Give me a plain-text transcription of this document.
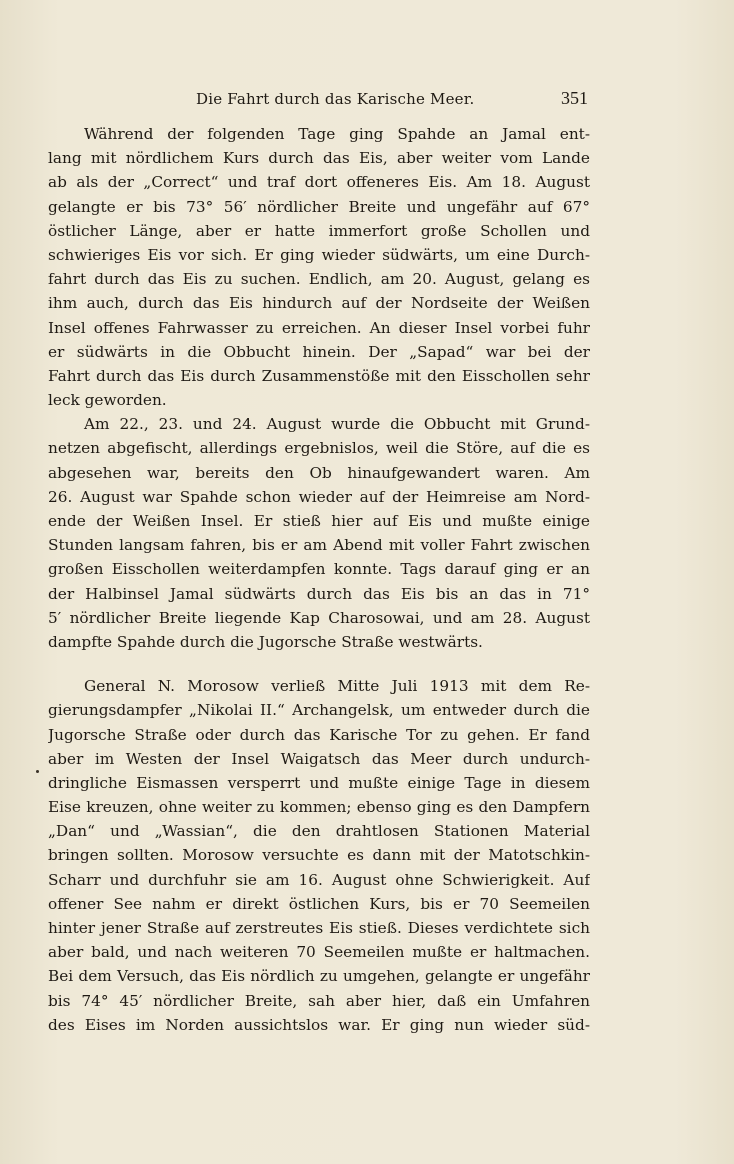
Die Fahrt durch das Karische Meer.	351

Während der folgenden Tage ging Spahde an Jamal ent-
lang mit nördlichem Kurs durch das Eis, aber weiter vom Lande
ab als der „Correct“ und traf dort offeneres Eis. Am 18. August
gelangte er bis 73° 56′ nördlicher Breite und ungefähr auf 67°
östlicher Länge, aber er hatte immerfort große Schollen und
schwieriges Eis vor sich. Er ging wieder südwärts, um eine Durch-
fahrt durch das Eis zu suchen. Endlich, am 20. August, gelang es
ihm auch, durch das Eis hindurch auf der Nordseite der Weißen
Insel offenes Fahrwasser zu erreichen. An dieser Insel vorbei fuhr
er südwärts in die Obbucht hinein. Der „Sapad“ war bei der
Fahrt durch das Eis durch Zusammenstöße mit den Eisschollen sehr
leck geworden.

Am 22., 23. und 24. August wurde die Obbucht mit Grund-
netzen abgefischt, allerdings ergebnislos, weil die Störe, auf die es
abgesehen war, bereits den Ob hinaufgewandert waren. Am
26. August war Spahde schon wieder auf der Heimreise am Nord-
ende der Weißen Insel. Er stieß hier auf Eis und mußte einige
Stunden langsam fahren, bis er am Abend mit voller Fahrt zwischen
großen Eisschollen weiterdampfen konnte. Tags darauf ging er an
der Halbinsel Jamal südwärts durch das Eis bis an das in 71°
5′ nördlicher Breite liegende Kap Charosowai, und am 28. August
dampfte Spahde durch die Jugorsche Straße westwärts.

General N. Morosow verließ Mitte Juli 1913 mit dem Re-
gierungsdampfer „Nikolai II.“ Archangelsk, um entweder durch die
Jugorsche Straße oder durch das Karische Tor zu gehen. Er fand
aber im Westen der Insel Waigatsch das Meer durch undurch-
dringliche Eismassen versperrt und mußte einige Tage in diesem
Eise kreuzen, ohne weiter zu kommen; ebenso ging es den Dampfern
„Dan“ und „Wassian“, die den drahtlosen Stationen Material
bringen sollten. Morosow versuchte es dann mit der Matotschkin-
Scharr und durchfuhr sie am 16. August ohne Schwierigkeit. Auf
offener See nahm er direkt östlichen Kurs, bis er 70 Seemeilen
hinter jener Straße auf zerstreutes Eis stieß. Dieses verdichtete sich
aber bald, und nach weiteren 70 Seemeilen mußte er haltmachen.
Bei dem Versuch, das Eis nördlich zu umgehen, gelangte er ungefähr
bis 74° 45′ nördlicher Breite, sah aber hier, daß ein Umfahren
des Eises im Norden aussichtslos war. Er ging nun wieder süd-
